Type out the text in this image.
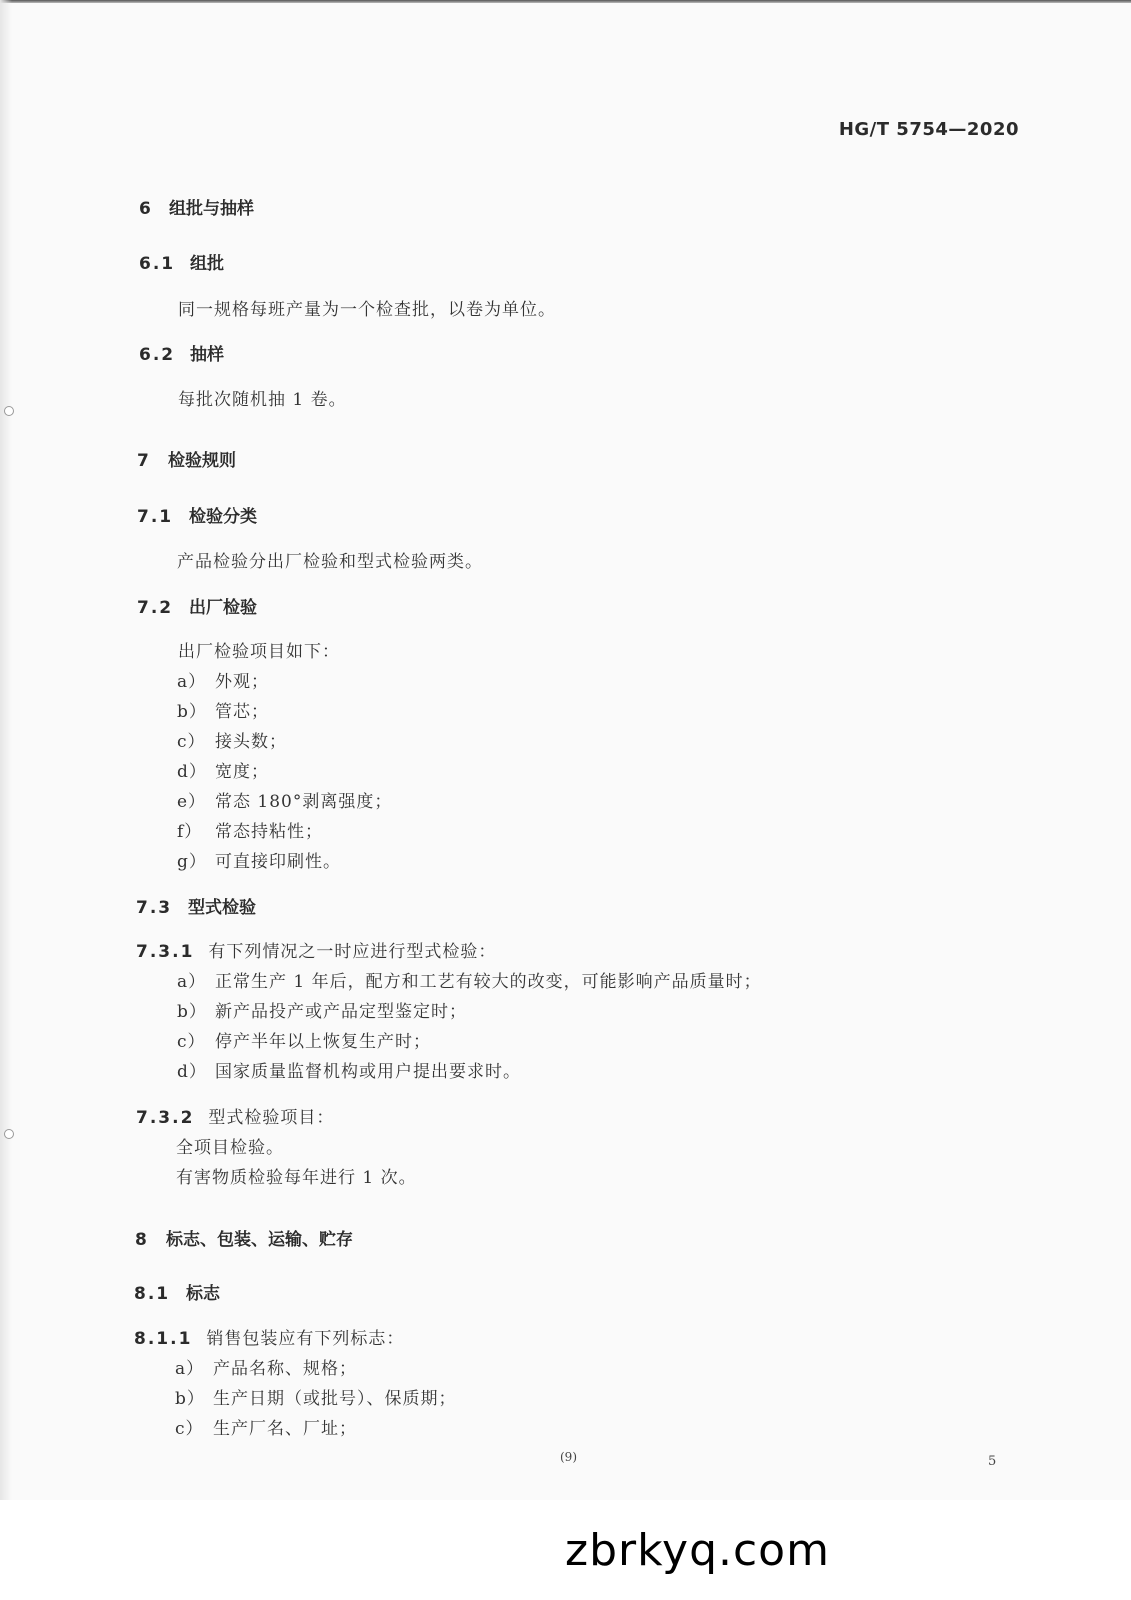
HG/T 5754—2020
6 组批与抽样
6.1 组批
同一规格每班产量为一个检查批，以卷为单位。
6.2 抽样
每批次随机抽 1 卷。
7 检验规则
7.1 检验分类
产品检验分出厂检验和型式检验两类。
7.2 出厂检验
出厂检验项目如下：
a） 外观；
b） 管芯；
c） 接头数；
d） 宽度；
e） 常态 180°剥离强度；
f） 常态持粘性；
g） 可直接印刷性。
7.3 型式检验
7.3.1 有下列情况之一时应进行型式检验：
a） 正常生产 1 年后，配方和工艺有较大的改变，可能影响产品质量时；
b） 新产品投产或产品定型鉴定时；
c） 停产半年以上恢复生产时；
d） 国家质量监督机构或用户提出要求时。
7.3.2 型式检验项目：
全项目检验。
有害物质检验每年进行 1 次。
8 标志、包装、运输、贮存
8.1 标志
8.1.1 销售包装应有下列标志：
a） 产品名称、规格；
b） 生产日期（或批号）、保质期；
c） 生产厂名、厂址；
(9)	5
zbrkyq.com
